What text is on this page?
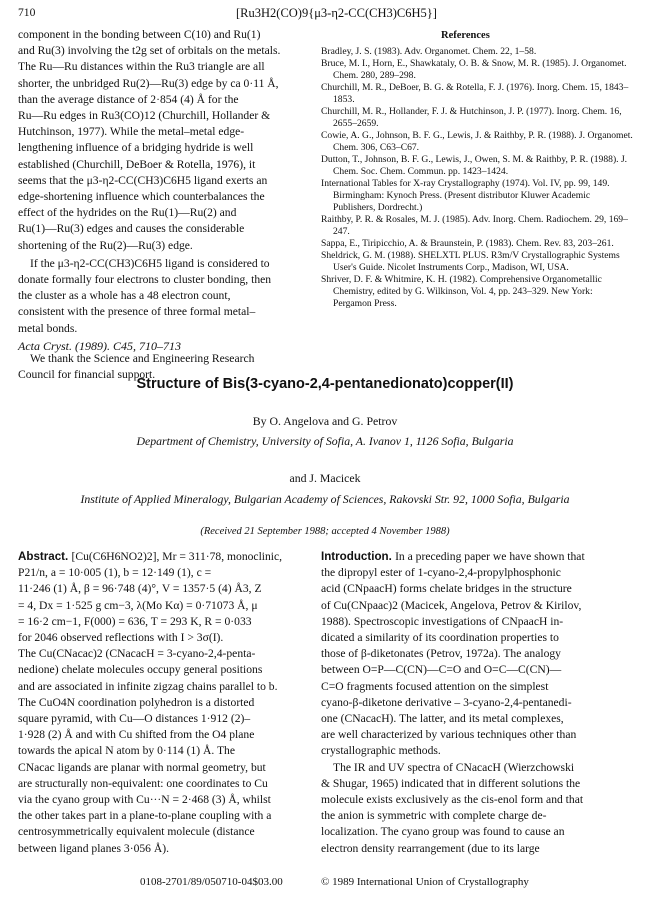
710	[Ru3H2(CO)9{μ3-η2-CC(CH3)C6H5}]
component in the bonding between C(10) and Ru(1)
and Ru(3) involving the t2g set of orbitals on the metals.
The Ru—Ru distances within the Ru3 triangle are all
shorter, the unbridged Ru(2)—Ru(3) edge by ca 0·11 Å,
than the average distance of 2·854 (4) Å for the
Ru—Ru edges in Ru3(CO)12 (Churchill, Hollander &
Hutchinson, 1977). While the metal–metal edge-
lengthening influence of a bridging hydride is well
established (Churchill, DeBoer & Rotella, 1976), it
seems that the μ3-η2-CC(CH3)C6H5 ligand exerts an
edge-shortening influence which counterbalances the
effect of the hydrides on the Ru(1)—Ru(2) and
Ru(1)—Ru(3) edges and causes the considerable
shortening of the Ru(2)—Ru(3) edge.
If the μ3-η2-CC(CH3)C6H5 ligand is considered to
donate formally four electrons to cluster bonding, then
the cluster as a whole has a 48 electron count,
consistent with the presence of three formal metal–
metal bonds.
We thank the Science and Engineering Research
Council for financial support.
References
Bradley, J. S. (1983). Adv. Organomet. Chem. 22, 1–58.
Bruce, M. I., Horn, E., Shawkataly, O. B. & Snow, M. R. (1985). J. Organomet. Chem. 280, 289–298.
Churchill, M. R., DeBoer, B. G. & Rotella, F. J. (1976). Inorg. Chem. 15, 1843–1853.
Churchill, M. R., Hollander, F. J. & Hutchinson, J. P. (1977). Inorg. Chem. 16, 2655–2659.
Cowie, A. G., Johnson, B. F. G., Lewis, J. & Raithby, P. R. (1988). J. Organomet. Chem. 306, C63–C67.
Dutton, T., Johnson, B. F. G., Lewis, J., Owen, S. M. & Raithby, P. R. (1988). J. Chem. Soc. Chem. Commun. pp. 1423–1424.
International Tables for X-ray Crystallography (1974). Vol. IV, pp. 99, 149. Birmingham: Kynoch Press. (Present distributor Kluwer Academic Publishers, Dordrecht.)
Raithby, P. R. & Rosales, M. J. (1985). Adv. Inorg. Chem. Radiochem. 29, 169–247.
Sappa, E., Tiripicchio, A. & Braunstein, P. (1983). Chem. Rev. 83, 203–261.
Sheldrick, G. M. (1988). SHELXTL PLUS. R3m/V Crystallographic Systems User's Guide. Nicolet Instruments Corp., Madison, WI, USA.
Shriver, D. F. & Whitmire, K. H. (1982). Comprehensive Organometallic Chemistry, edited by G. Wilkinson, Vol. 4, pp. 243–329. New York: Pergamon Press.
Acta Cryst. (1989). C45, 710–713
Structure of Bis(3-cyano-2,4-pentanedionato)copper(II)
By O. Angelova and G. Petrov
Department of Chemistry, University of Sofia, A. Ivanov 1, 1126 Sofia, Bulgaria
and J. Macicek
Institute of Applied Mineralogy, Bulgarian Academy of Sciences, Rakovski Str. 92, 1000 Sofia, Bulgaria
(Received 21 September 1988; accepted 4 November 1988)
Abstract. [Cu(C6H6NO2)2], Mr = 311·78, monoclinic,
P21/n, a = 10·005 (1), b = 12·149 (1), c =
11·246 (1) Å, β = 96·748 (4)°, V = 1357·5 (4) Å3, Z
= 4, Dx = 1·525 g cm−3, λ(Mo Kα) = 0·71073 Å, μ
= 16·2 cm−1, F(000) = 636, T = 293 K, R = 0·033
for 2046 observed reflections with I > 3σ(I).
The Cu(CNacac)2 (CNacacH = 3-cyano-2,4-penta-
nedione) chelate molecules occupy general positions
and are associated in infinite zigzag chains parallel to b.
The CuO4N coordination polyhedron is a distorted
square pyramid, with Cu—O distances 1·912 (2)–
1·928 (2) Å and with Cu shifted from the O4 plane
towards the apical N atom by 0·114 (1) Å. The
CNacac ligands are planar with normal geometry, but
are structurally non-equivalent: one coordinates to Cu
via the cyano group with Cu···N = 2·468 (3) Å, whilst
the other takes part in a plane-to-plane coupling with a
centrosymmetrically equivalent molecule (distance
between ligand planes 3·056 Å).
Introduction. In a preceding paper we have shown that
the dipropyl ester of 1-cyano-2,4-propylphosphonic
acid (CNpaacH) forms chelate bridges in the structure
of Cu(CNpaac)2 (Macicek, Angelova, Petrov & Kirilov,
1988). Spectroscopic investigations of CNpaacH in-
dicated a similarity of its coordination properties to
those of β-diketonates (Petrov, 1972a). The analogy
between O=P—C(CN)—C=O and O=C—C(CN)—
C=O fragments focused attention on the simplest
cyano-β-diketone derivative – 3-cyano-2,4-pentanedi-
one (CNacacH). The latter, and its metal complexes,
are well characterized by various techniques other than
crystallographic methods.
The IR and UV spectra of CNacacH (Wierzchowski
& Shugar, 1965) indicated that in different solutions the
molecule exists exclusively as the cis-enol form and that
the anion is symmetric with complete charge de-
localization. The cyano group was found to cause an
electron density rearrangement (due to its large
0108-2701/89/050710-04$03.00	© 1989 International Union of Crystallography
